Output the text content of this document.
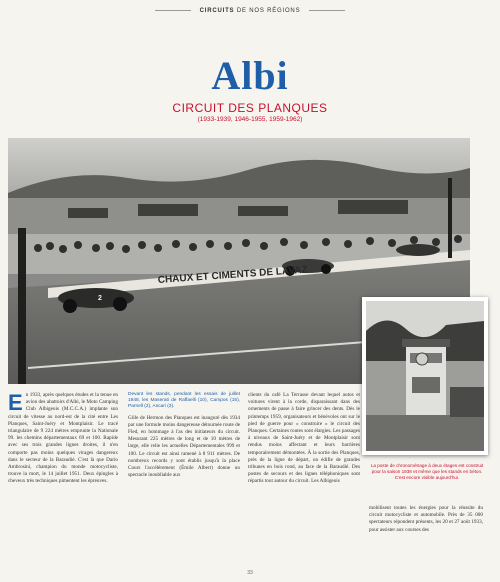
CIRCUITS DE NOS RÉGIONS
Albi
CIRCUIT DES PLANQUES
(1933-1939, 1946-1955, 1959-1962)
CHAUX ET CIMENTS DE LAVAZ
2
E n 1933, après quelques études et la tenue en avion des abattoirs d'Albi, le Moto Camping Club Albigeois (M.C.C.A.) implante son circuit de vitesse au nord-est de la cité entre Les Planques, Saint-Juéry et Montplaisir. Le tracé triangulaire de 9 224 mètres emprunte la Nationale 99. les chemins départementaux 69 et 100. Rapide avec ses trois grandes lignes droites, il n'en comporte pas moins quelques virages dangereux dans le secteur de la Baraudié. C'est là que Dario Ambrosini, champion du monde motocycliste, trouve la mort, le 14 juillet 1951. Deux épingles à cheveux très techniques pimentent les épreuves.
Devant les stands, pendant les essais de juillet 1948, les Maserati de Raffaelli (10), Campos (15), Parnell (2), Ascari (3).
Gille de Hermon des Planques est inauguré dès 1934 par une formule moins dangereuse détournée route de Fled, en hommage à l'as des initiateurs du circuit. Mesurant 225 mètres de long et de 10 mètres de large, elle relie les actuelles Départementales 999 et 100. Le circuit est ainsi ramené à 8 911 mètres. De nombreux records y sont établis jusqu'à la place Cours l'accélérement (Émile Albert) donne un spectacle inoubliable aux
clients du café La Terrasse devant lequel autos et voitures virent à la corde, disparaissant dans des ornements de passe à faire grincer des dents. Dès le printemps 1959, organisateurs et bénévoles ont sur le pied de guerre pour « construire » le circuit des Planques. Certaines routes sont élargies. Les passages à niveaux de Saint-Juéry et de Montplaisir sont rendus moins affectant et leurs barrières temporairement démontées. À la sortie des Planques, près de la ligne de départ, on édifie de grandes tribunes en bois rond, au face de la Baraudié. Des postes de secours et des lignes téléphoniques sont répartis tout autour du circuit. Les Albigeois
La poste de chronométrage à deux étages est construit pour la saison 1938 et même que les stands en béton. C'est encore visible aujourd'hui.
mobilisent toutes les énergies pour la réussite du circuit motocycliste et automobile. Près de 35 000 spectateurs répondent présents, les 20 et 27 août 1933, pour assister aux courses des
33
